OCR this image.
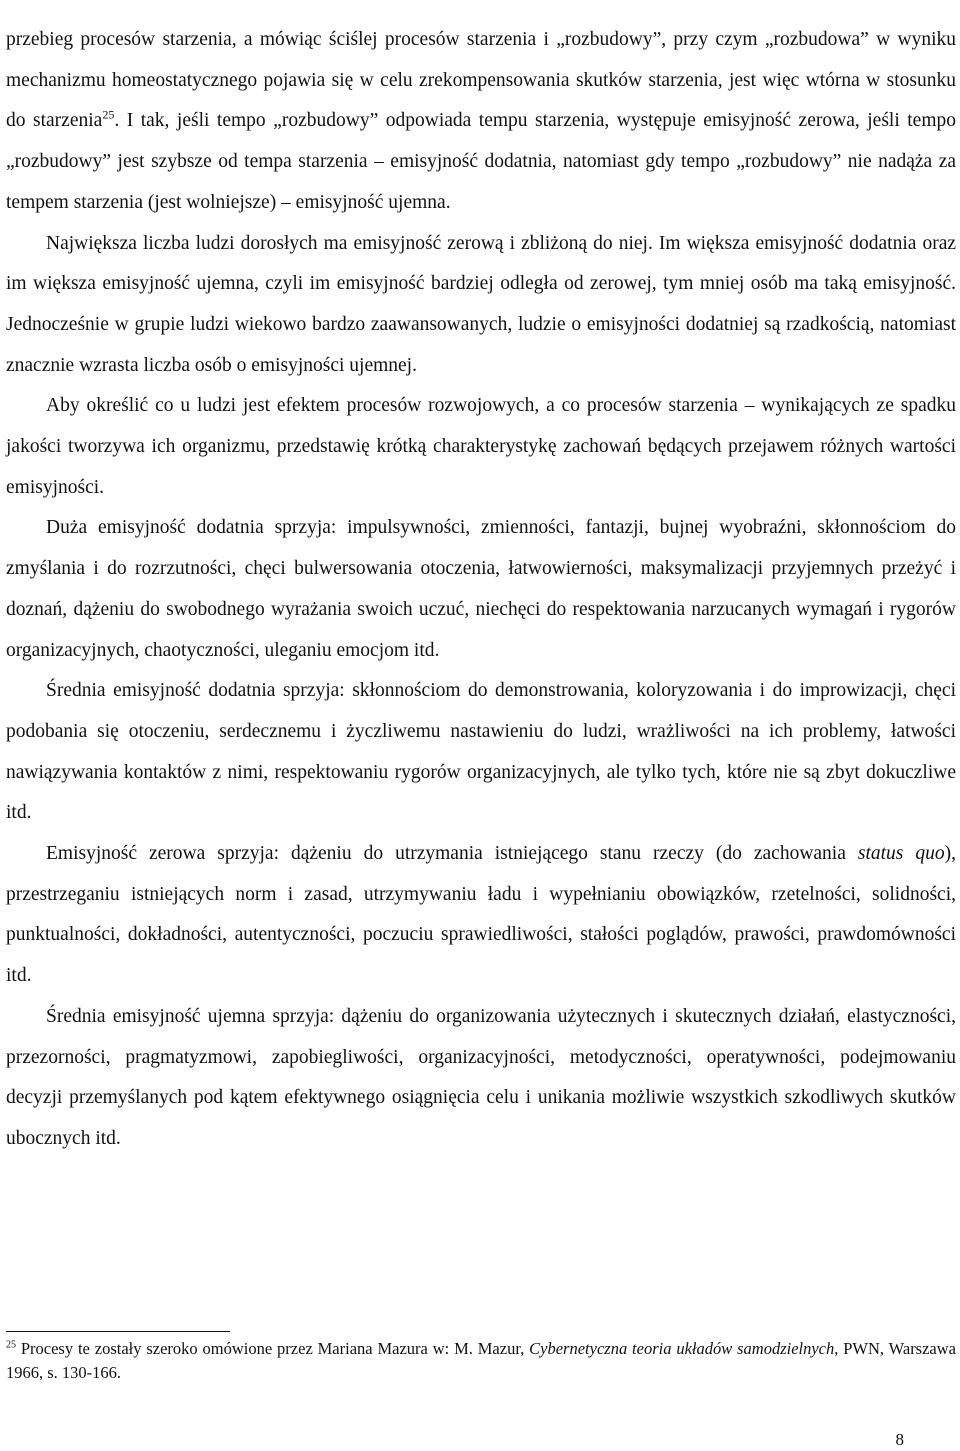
przebieg procesów starzenia, a mówiąc ściślej procesów starzenia i „rozbudowy”, przy czym „rozbudowa” w wyniku mechanizmu homeostatycznego pojawia się w celu zrekompensowania skutków starzenia, jest więc wtórna w stosunku do starzenia$^{25}$. I tak, jeśli tempo „rozbudowy” odpowiada tempu starzenia, występuje emisyjność zerowa, jeśli tempo „rozbudowy” jest szybsze od tempa starzenia – emisyjność dodatnia, natomiast gdy tempo „rozbudowy” nie nadąża za tempem starzenia (jest wolniejsze) – emisyjność ujemna.

Największa liczba ludzi dorosłych ma emisyjność zerową i zbliżoną do niej. Im większa emisyjność dodatnia oraz im większa emisyjność ujemna, czyli im emisyjność bardziej odległa od zerowej, tym mniej osób ma taką emisyjność. Jednocześnie w grupie ludzi wiekowo bardzo zaawansowanych, ludzie o emisyjności dodatniej są rzadkością, natomiast znacznie wzrasta liczba osób o emisyjności ujemnej.

Aby określić co u ludzi jest efektem procesów rozwojowych, a co procesów starzenia – wynikających ze spadku jakości tworzywa ich organizmu, przedstawię krótką charakterystykę zachowań będących przejawem różnych wartości emisyjności.

Duża emisyjność dodatnia sprzyja: impulsywności, zmienności, fantazji, bujnej wyobraźni, skłonnościom do zmyślania i do rozrzutności, chęci bulwersowania otoczenia, łatwowierności, maksymalizacji przyjemnych przeżyć i doznań, dążeniu do swobodnego wyrażania swoich uczuć, niechęci do respektowania narzucanych wymagań i rygorów organizacyjnych, chaotyczności, uleganiu emocjom itd.

Średnia emisyjność dodatnia sprzyja: skłonnościom do demonstrowania, koloryzowania i do improwizacji, chęci podobania się otoczeniu, serdecznemu i życzliwemu nastawieniu do ludzi, wrażliwości na ich problemy, łatwości nawiązywania kontaktów z nimi, respektowaniu rygorów organizacyjnych, ale tylko tych, które nie są zbyt dokuczliwe itd.

Emisyjność zerowa sprzyja: dążeniu do utrzymania istniejącego stanu rzeczy (do zachowania status quo), przestrzeganiu istniejących norm i zasad, utrzymywaniu ładu i wypełnianiu obowiązków, rzetelności, solidności, punktualności, dokładności, autentyczności, poczuciu sprawiedliwości, stałości poglądów, prawości, prawdomówności itd.

Średnia emisyjność ujemna sprzyja: dążeniu do organizowania użytecznych i skutecznych działań, elastyczności, przezorności, pragmatyzmowi, zapobiegliwości, organizacyjności, metodyczności, operatywności, podejmowaniu decyzji przemyślanych pod kątem efektywnego osiągnięcia celu i unikania możliwie wszystkich szkodliwych skutków ubocznych itd.

$^{25}$ Procesy te zostały szeroko omówione przez Mariana Mazura w: M. Mazur, Cybernetyczna teoria układów samodzielnych, PWN, Warszawa 1966, s. 130-166.
8
